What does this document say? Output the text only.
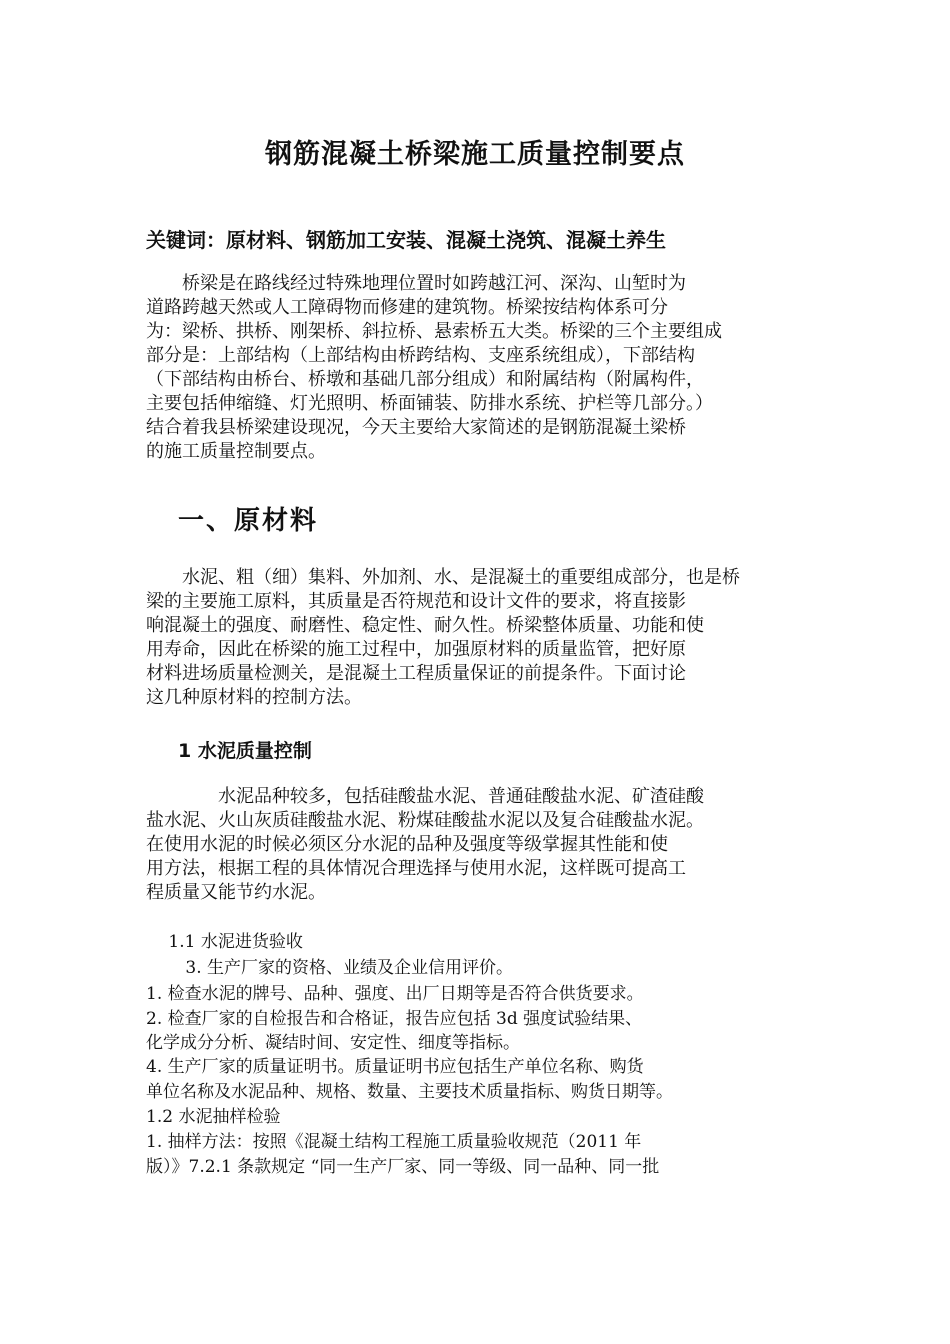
钢筋混凝土桥梁施工质量控制要点
关键词：原材料、钢筋加工安装、混凝土浇筑、混凝土养生

　　桥梁是在路线经过特殊地理位置时如跨越江河、深沟、山堑时为

道路跨越天然或人工障碍物而修建的建筑物。桥梁按结构体系可分

为：梁桥、拱桥、刚架桥、斜拉桥、悬索桥五大类。桥梁的三个主要组成

部分是：上部结构（上部结构由桥跨结构、支座系统组成），下部结构

（下部结构由桥台、桥墩和基础几部分组成）和附属结构（附属构件，

主要包括伸缩缝、灯光照明、桥面铺装、防排水系统、护栏等几部分。）

结合着我县桥梁建设现况，今天主要给大家简述的是钢筋混凝土梁桥

的施工质量控制要点。

一、原材料

　　水泥、粗（细）集料、外加剂、水、是混凝土的重要组成部分，也是桥

梁的主要施工原料，其质量是否符规范和设计文件的要求，将直接影

响混凝土的强度、耐磨性、稳定性、耐久性。桥梁整体质量、功能和使

用寿命，因此在桥梁的施工过程中，加强原材料的质量监管，把好原

材料进场质量检测关，是混凝土工程质量保证的前提条件。下面讨论

这几种原材料的控制方法。

1 水泥质量控制

　　　　水泥品种较多，包括硅酸盐水泥、普通硅酸盐水泥、矿渣硅酸

盐水泥、火山灰质硅酸盐水泥、粉煤硅酸盐水泥以及复合硅酸盐水泥。

在使用水泥的时候必须区分水泥的品种及强度等级掌握其性能和使

用方法，根据工程的具体情况合理选择与使用水泥，这样既可提高工

程质量又能节约水泥。

　 1.1 水泥进货验收
　　 3. 生产厂家的资格、业绩及企业信用评价。
1. 检查水泥的牌号、品种、强度、出厂日期等是否符合供货要求。
2. 检查厂家的自检报告和合格证，报告应包括 3d 强度试验结果、
化学成分分析、凝结时间、安定性、细度等指标。
4. 生产厂家的质量证明书。质量证明书应包括生产单位名称、购货
单位名称及水泥品种、规格、数量、主要技术质量指标、购货日期等。
1.2 水泥抽样检验
1. 抽样方法：按照《混凝土结构工程施工质量验收规范（2011 年
版）》7.2.1 条款规定 “同一生产厂家、同一等级、同一品种、同一批
